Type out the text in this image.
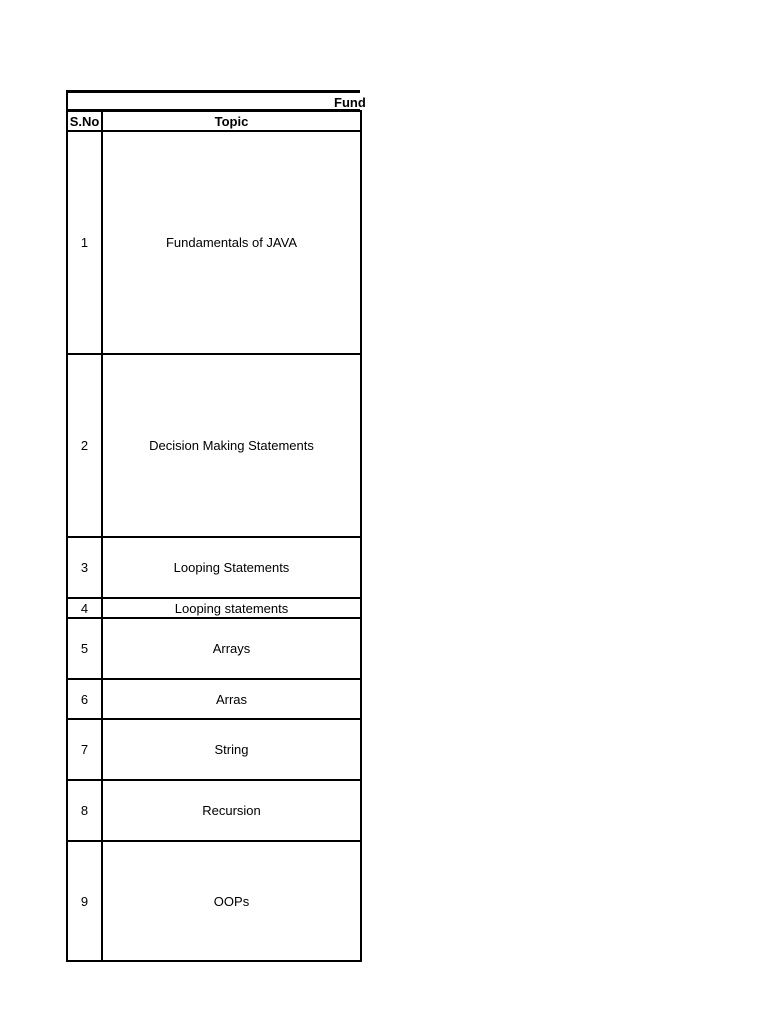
Fund
S.No	Topic
1	Fundamentals of JAVA
2	Decision Making Statements
3	Looping Statements
4	Looping statements
5	Arrays
6	Arras
7	String
8	Recursion
9	OOPs
